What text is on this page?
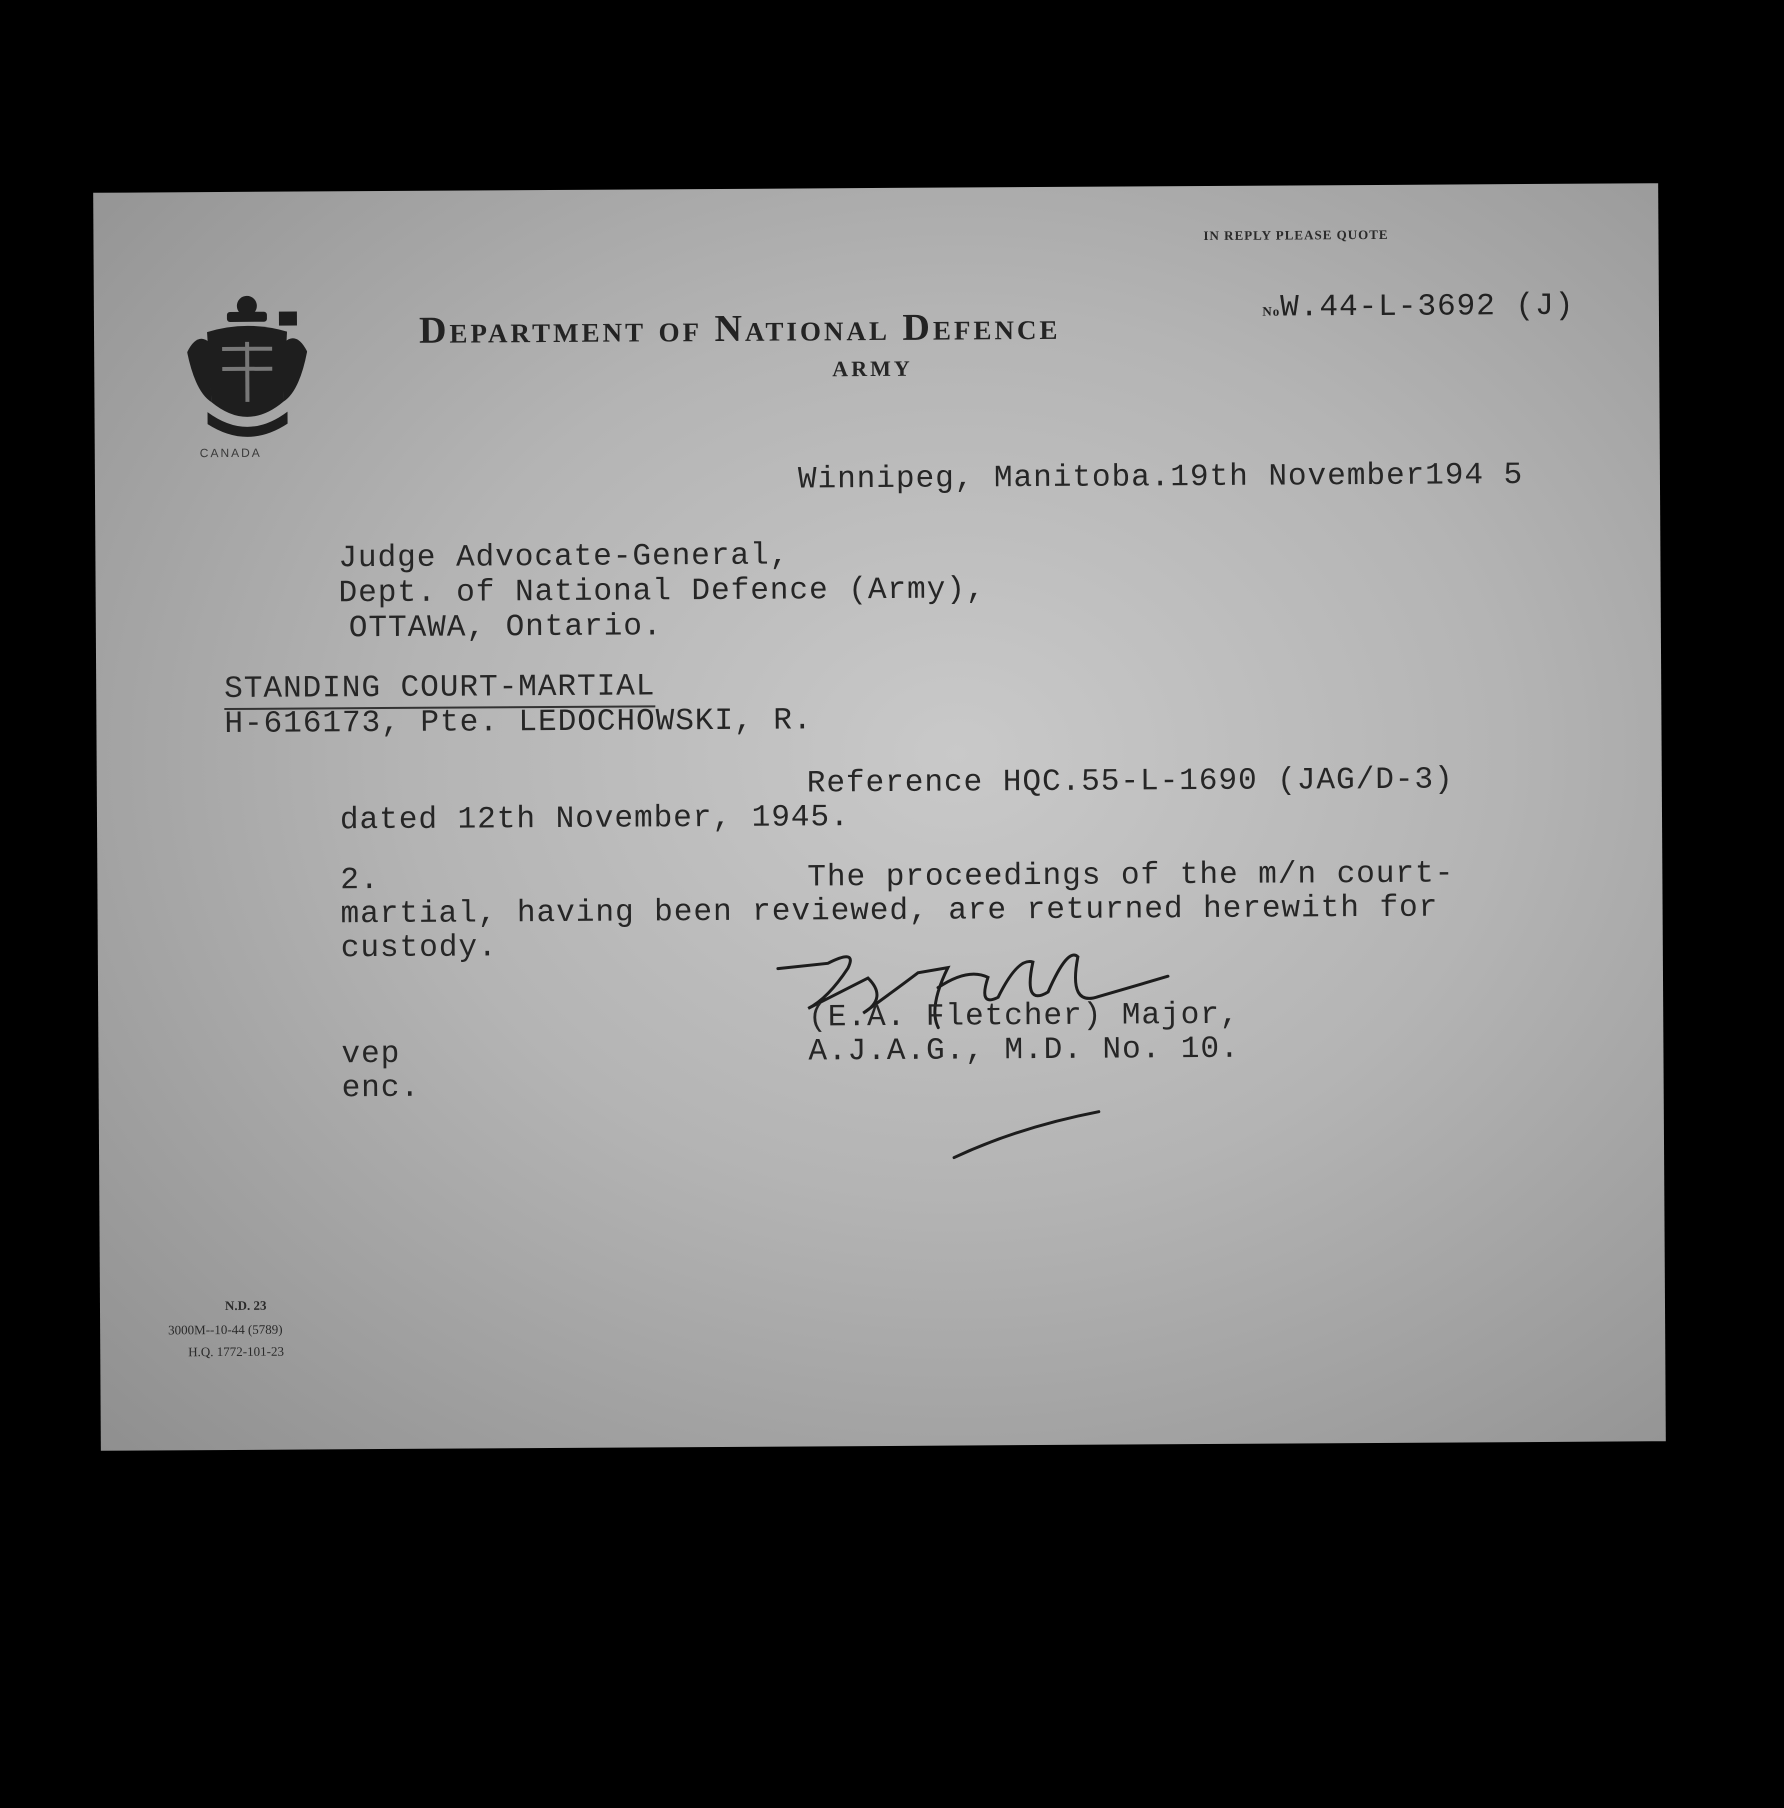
CANADA
IN REPLY PLEASE QUOTE

NoW.44-L-3692 (J)

Department of National Defence
ARMY
Winnipeg, Manitoba.19th November194 5
Judge Advocate-General,
Dept. of National Defence (Army),
OTTAWA, Ontario.
STANDING COURT-MARTIAL
H-616173, Pte. LEDOCHOWSKI, R.
Reference HQC.55-L-1690 (JAG/D-3)
dated 12th November, 1945.
2.	The proceedings of the m/n court-
martial, having been reviewed, are returned herewith for
custody.
(E.A. Fletcher) Major,
A.J.A.G., M.D. No. 10.
vep
enc.
N.D. 23
3000M--10-44 (5789)
H.Q. 1772-101-23
